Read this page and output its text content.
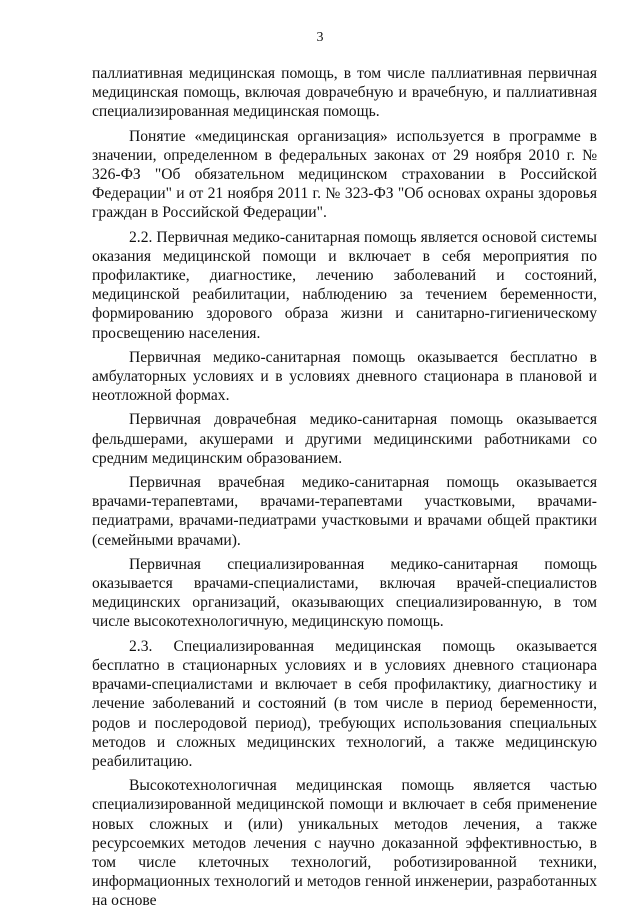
3

паллиативная медицинская помощь, в том числе паллиативная первичная медицинская помощь, включая доврачебную и врачебную, и паллиативная специализированная медицинская помощь.

Понятие «медицинская организация» используется в программе в значении, определенном в федеральных законах от 29 ноября 2010 г. № 326-ФЗ "Об обязательном медицинском страховании в Российской Федерации" и от 21 ноября 2011 г. № 323-ФЗ "Об основах охраны здоровья граждан в Российской Федерации".

2.2. Первичная медико-санитарная помощь является основой системы оказания медицинской помощи и включает в себя мероприятия по профилактике, диагностике, лечению заболеваний и состояний, медицинской реабилитации, наблюдению за течением беременности, формированию здорового образа жизни и санитарно-гигиеническому просвещению населения.

Первичная медико-санитарная помощь оказывается бесплатно в амбулаторных условиях и в условиях дневного стационара в плановой и неотложной формах.

Первичная доврачебная медико-санитарная помощь оказывается фельдшерами, акушерами и другими медицинскими работниками со средним медицинским образованием.

Первичная врачебная медико-санитарная помощь оказывается врачами-терапевтами, врачами-терапевтами участковыми, врачами-педиатрами, врачами-педиатрами участковыми и врачами общей практики (семейными врачами).

Первичная специализированная медико-санитарная помощь оказывается врачами-специалистами, включая врачей-специалистов медицинских организаций, оказывающих специализированную, в том числе высокотехнологичную, медицинскую помощь.

2.3. Специализированная медицинская помощь оказывается бесплатно в стационарных условиях и в условиях дневного стационара врачами-специалистами и включает в себя профилактику, диагностику и лечение заболеваний и состояний (в том числе в период беременности, родов и послеродовой период), требующих использования специальных методов и сложных медицинских технологий, а также медицинскую реабилитацию.

Высокотехнологичная медицинская помощь является частью специализированной медицинской помощи и включает в себя применение новых сложных и (или) уникальных методов лечения, а также ресурсоемких методов лечения с научно доказанной эффективностью, в том числе клеточных технологий, роботизированной техники, информационных технологий и методов генной инженерии, разработанных на основе
